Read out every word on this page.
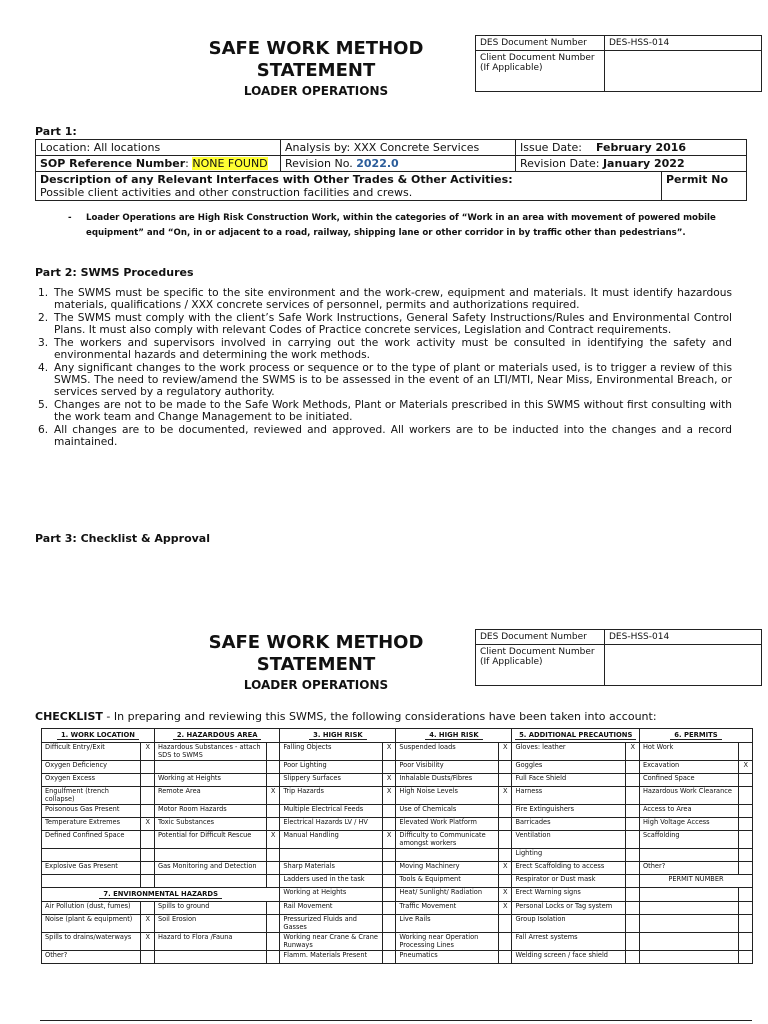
SAFE WORK METHOD
STATEMENT
LOADER OPERATIONS
DES Document Number	DES-HSS-014
Client Document Number
(If Applicable)	
Part 1:
Location: All locations	Analysis by: XXX Concrete Services	Issue Date: February 2016	
SOP Reference Number: NONE FOUND	Revision No. 2022.0	Revision Date: January 2022	

Description of any Relevant Interfaces with Other Trades & Other Activities:
Possible client activities and other construction facilities and crews.			Permit No
-	Loader Operations are High Risk Construction Work, within the categories of “Work in an area with movement of powered mobile equipment” and “On, in or adjacent to a road, railway, shipping lane or other corridor in by traffic other than pedestrians”.
Part 2: SWMS Procedures
1. The SWMS must be specific to the site environment and the work-crew, equipment and materials. It must identify hazardous materials, qualifications / XXX concrete services of personnel, permits and authorizations required.
2. The SWMS must comply with the client’s Safe Work Instructions, General Safety Instructions/Rules and Environmental Control Plans. It must also comply with relevant Codes of Practice concrete services, Legislation and Contract requirements.
3. The workers and supervisors involved in carrying out the work activity must be consulted in identifying the safety and environmental hazards and determining the work methods.
4. Any significant changes to the work process or sequence or to the type of plant or materials used, is to trigger a review of this SWMS. The need to review/amend the SWMS is to be assessed in the event of an LTI/MTI, Near Miss, Environmental Breach, or services served by a regulatory authority.
5. Changes are not to be made to the Safe Work Methods, Plant or Materials prescribed in this SWMS without first consulting with the work team and Change Management to be initiated.
6. All changes are to be documented, reviewed and approved. All workers are to be inducted into the changes and a record maintained.
Part 3: Checklist & Approval
SAFE WORK METHOD
STATEMENT
LOADER OPERATIONS
DES Document Number	DES-HSS-014
Client Document Number
(If Applicable)	
CHECKLIST - In preparing and reviewing this SWMS, the following considerations have been taken into account:
1. WORK LOCATION		2. HAZARDOUS AREA		3. HIGH RISK		4. HIGH RISK		5. ADDITIONAL PRECAUTIONS		6. PERMITS	
Difficult Entry/Exit	X	Hazardous Substances - attach SDS to SWMS		Falling Objects	X	Suspended loads	X	Gloves: leather	X	Hot Work	
Oxygen Deficiency				Poor Lighting		Poor Visibility		Goggles		Excavation	X
Oxygen Excess		Working at Heights		Slippery Surfaces	X	Inhalable Dusts/Fibres		Full Face Shield		Confined Space	
Engulfment (trench collapse)		Remote Area	X	Trip Hazards	X	High Noise Levels	X	Harness		Hazardous Work Clearance	
Poisonous Gas Present		Motor Room Hazards		Multiple Electrical Feeds		Use of Chemicals		Fire Extinguishers		Access to Area	
Temperature Extremes	X	Toxic Substances		Electrical Hazards LV / HV		Elevated Work Platform		Barricades		High Voltage Access	
Defined Confined Space		Potential for Difficult Rescue	X	Manual Handling	X	Difficulty to Communicate amongst workers		Ventilation		Scaffolding	
								Lighting			
Explosive Gas Present		Gas Monitoring and Detection		Sharp Materials		Moving Machinery	X	Erect Scaffolding to access		Other?	
				Ladders used in the task		Tools & Equipment		Respirator or Dust mask		PERMIT NUMBER	
7. ENVIRONMENTAL HAZARDS				Working at Heights		Heat/ Sunlight/ Radiation	X	Erect Warning signs			
Air Pollution (dust, fumes)		Spills to ground		Rail Movement		Traffic Movement	X	Personal Locks or Tag system			
Noise (plant & equipment)	X	Soil Erosion		Pressurized Fluids and Gasses		Live Rails		Group Isolation			
Spills to drains/waterways	X	Hazard to Flora /Fauna		Working near Crane & Crane Runways		Working near Operation Processing Lines		Fall Arrest systems			
Other?				Flamm. Materials Present		Pneumatics		Welding screen / face shield			
